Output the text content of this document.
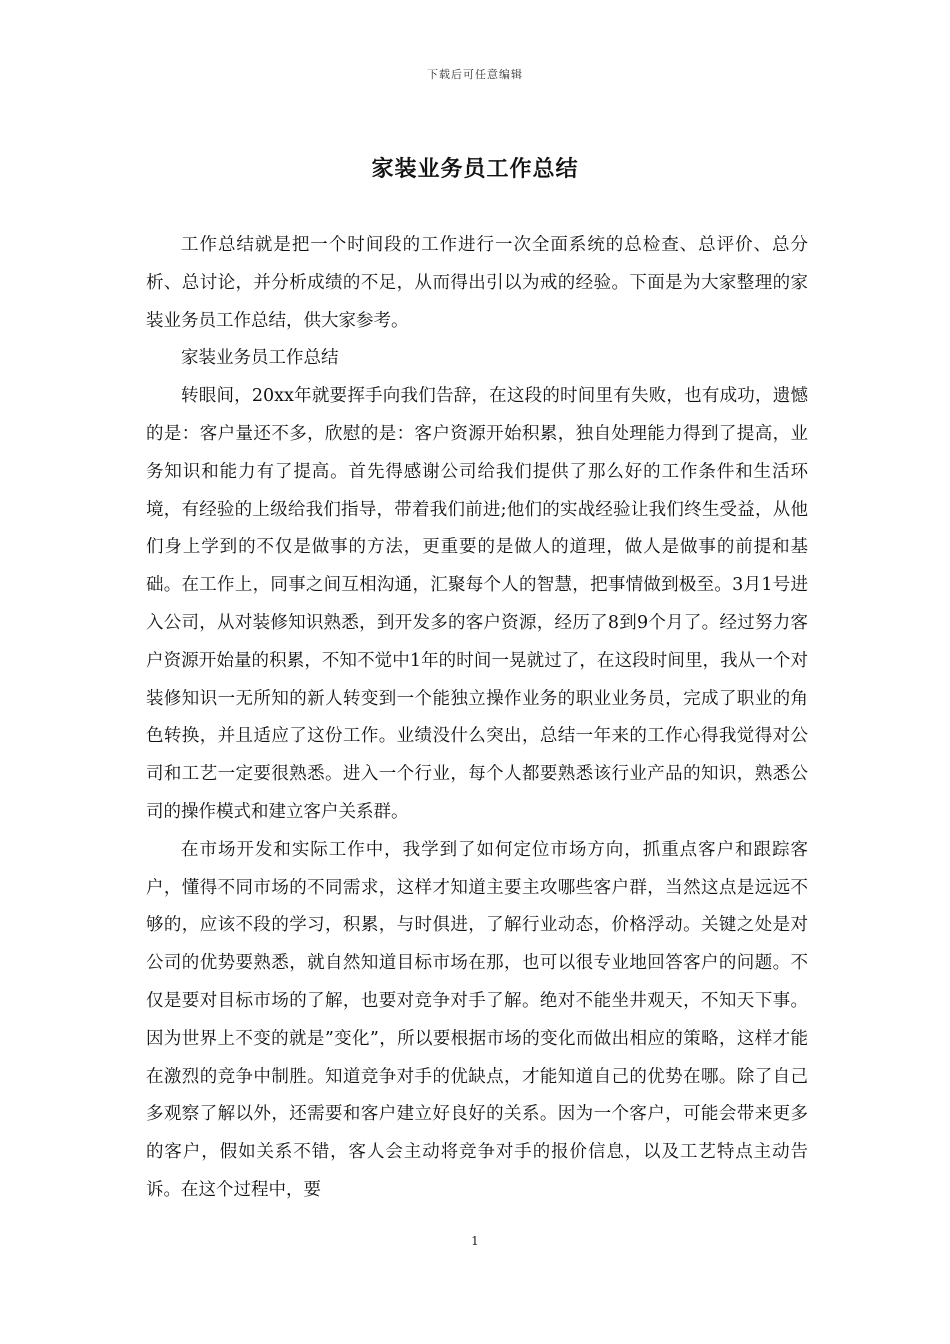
下载后可任意编辑
家装业务员工作总结

工作总结就是把一个时间段的工作进行一次全面系统的总检查、总评价、总分析、总讨论，并分析成绩的不足，从而得出引以为戒的经验。下面是为大家整理的家装业务员工作总结，供大家参考。

家装业务员工作总结

转眼间，20xx年就要挥手向我们告辞，在这段的时间里有失败，也有成功，遗憾的是：客户量还不多，欣慰的是：客户资源开始积累，独自处理能力得到了提高，业务知识和能力有了提高。首先得感谢公司给我们提供了那么好的工作条件和生活环境，有经验的上级给我们指导，带着我们前进;他们的实战经验让我们终生受益，从他们身上学到的不仅是做事的方法，更重要的是做人的道理，做人是做事的前提和基础。在工作上，同事之间互相沟通，汇聚每个人的智慧，把事情做到极至。3月1号进入公司，从对装修知识熟悉，到开发多的客户资源，经历了8到9个月了。经过努力客户资源开始量的积累，不知不觉中1年的时间一晃就过了，在这段时间里，我从一个对装修知识一无所知的新人转变到一个能独立操作业务的职业业务员，完成了职业的角色转换，并且适应了这份工作。业绩没什么突出，总结一年来的工作心得我觉得对公司和工艺一定要很熟悉。进入一个行业，每个人都要熟悉该行业产品的知识，熟悉公司的操作模式和建立客户关系群。

在市场开发和实际工作中，我学到了如何定位市场方向，抓重点客户和跟踪客户，懂得不同市场的不同需求，这样才知道主要主攻哪些客户群，当然这点是远远不够的，应该不段的学习，积累，与时俱进，了解行业动态，价格浮动。关键之处是对公司的优势要熟悉，就自然知道目标市场在那，也可以很专业地回答客户的问题。不仅是要对目标市场的了解，也要对竞争对手了解。绝对不能坐井观天，不知天下事。因为世界上不变的就是”变化”，所以要根据市场的变化而做出相应的策略，这样才能在激烈的竞争中制胜。知道竞争对手的优缺点，才能知道自己的优势在哪。除了自己多观察了解以外，还需要和客户建立好良好的关系。因为一个客户，可能会带来更多的客户，假如关系不错，客人会主动将竞争对手的报价信息，以及工艺特点主动告诉。在这个过程中，要

1
